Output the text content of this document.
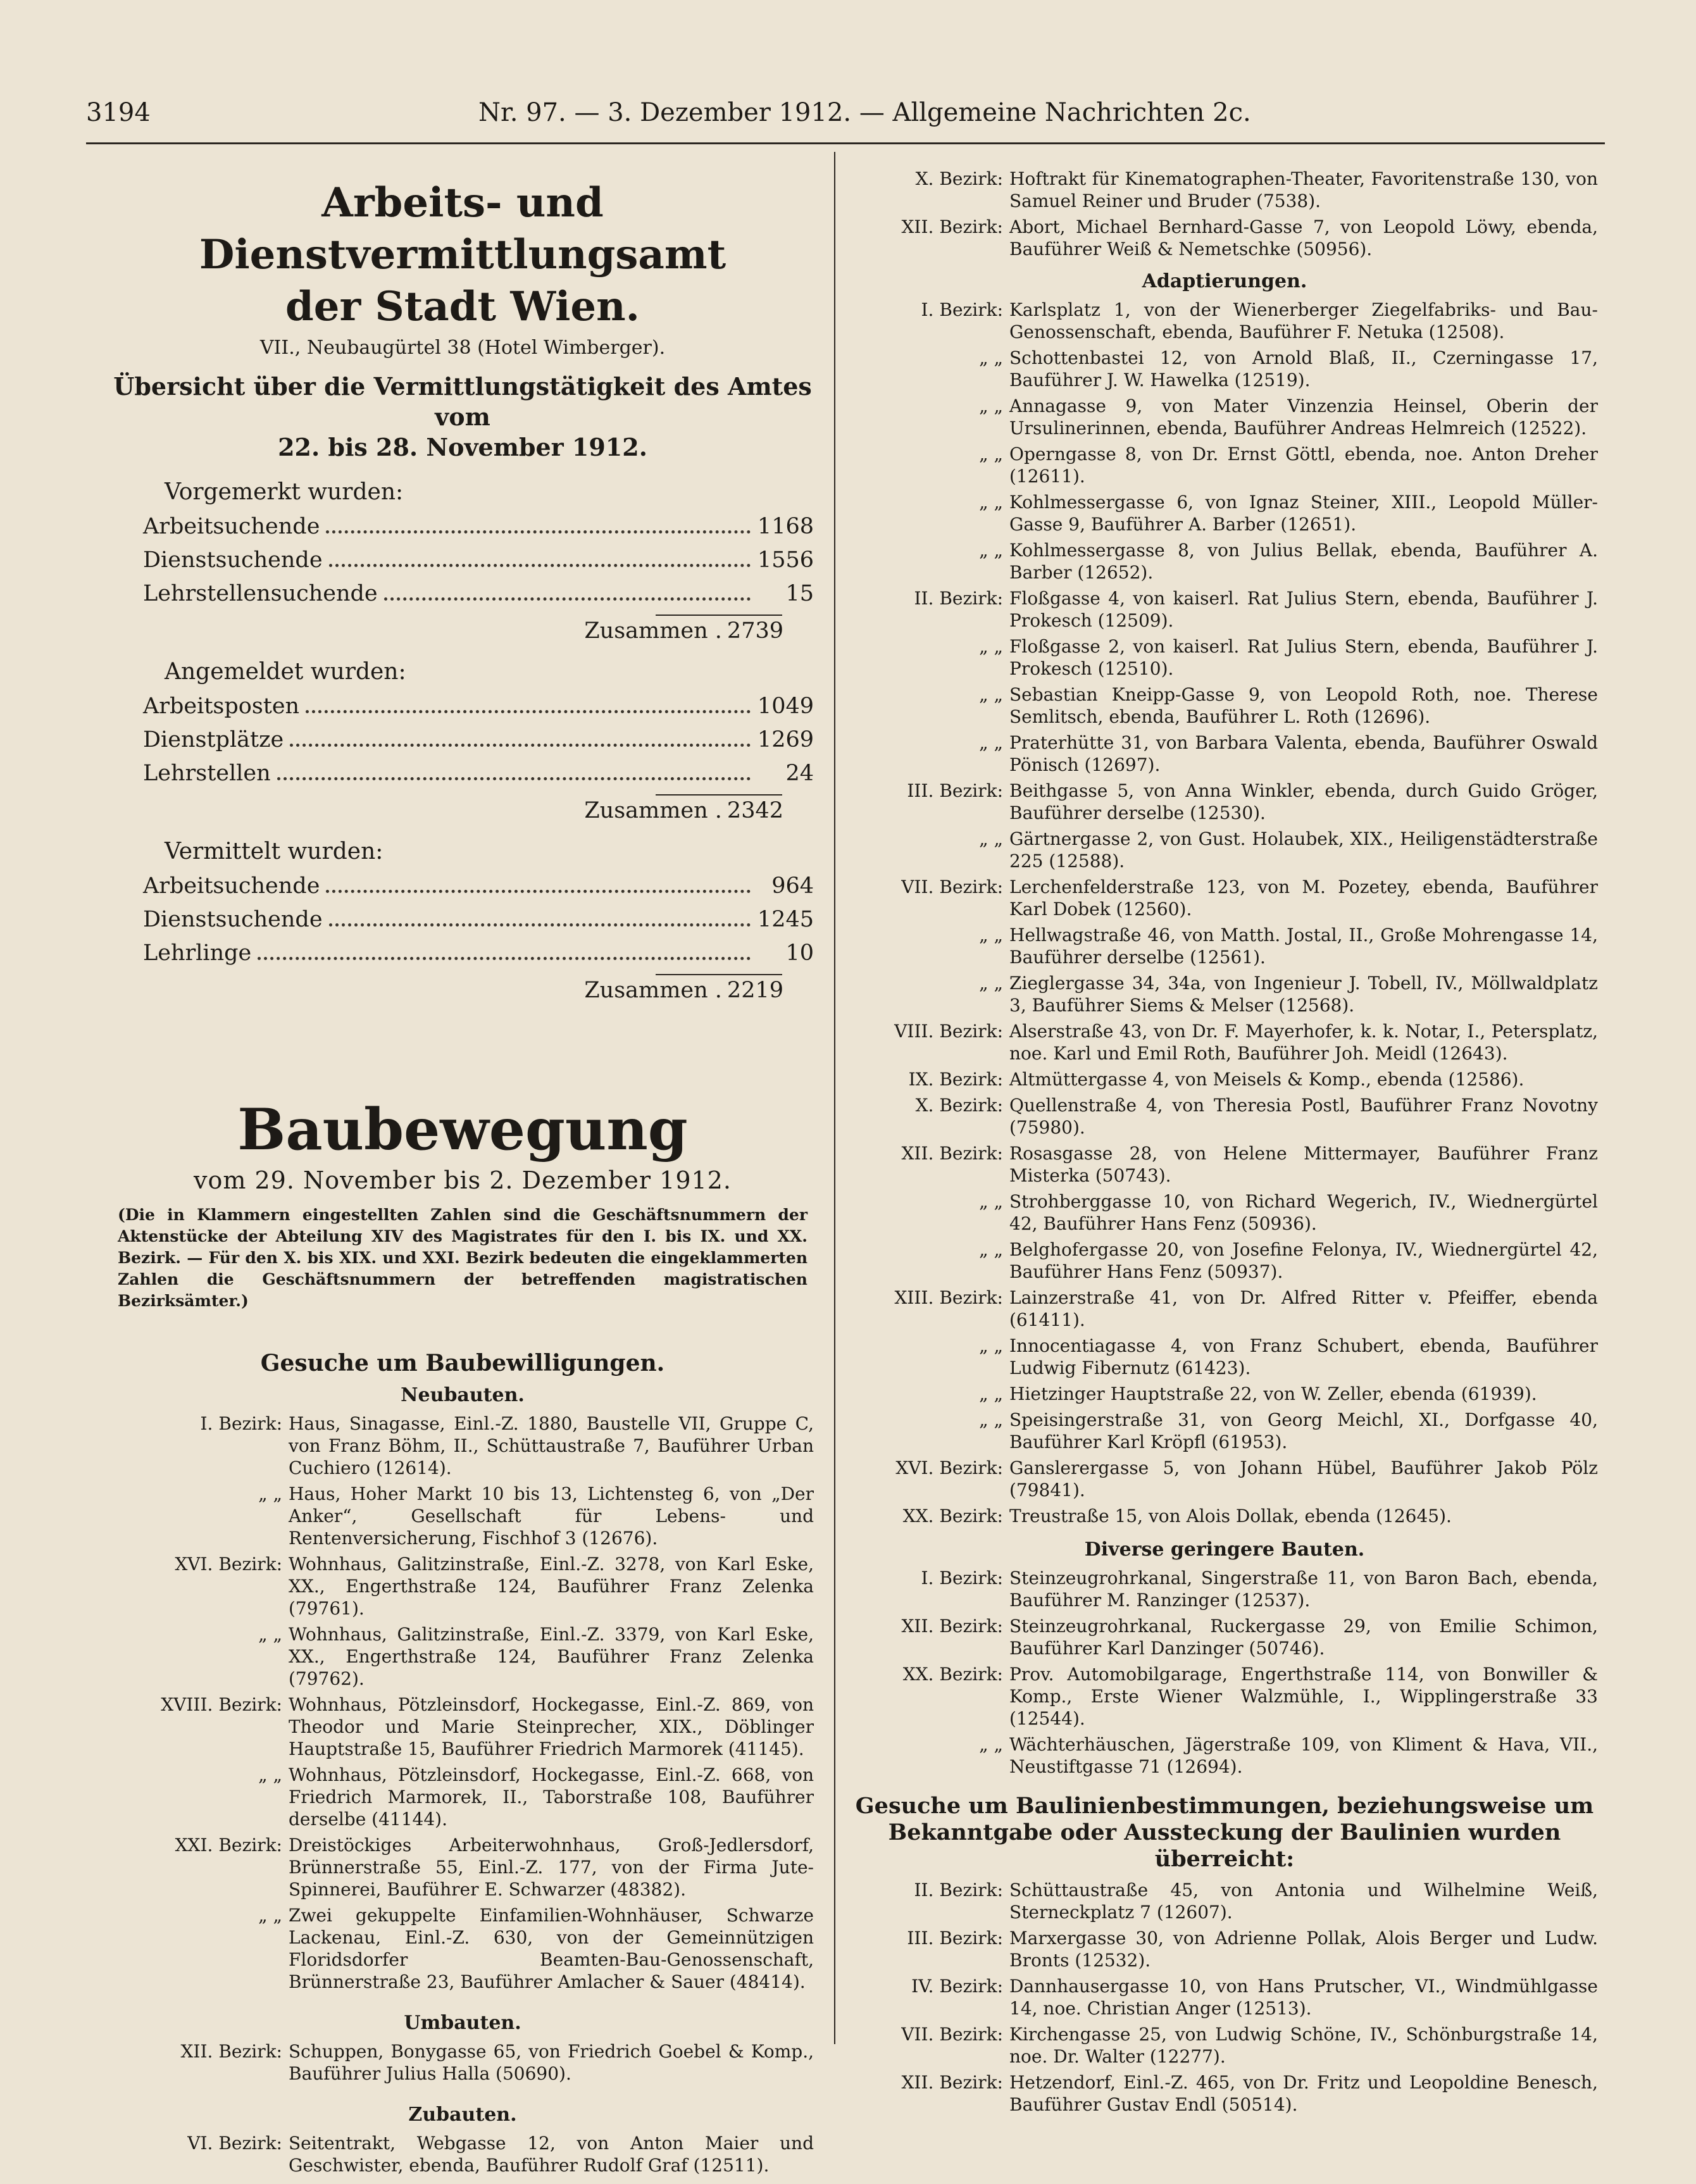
3194	Nr. 97. — 3. Dezember 1912. — Allgemeine Nachrichten 2c.
Arbeits- und Dienstvermittlungsamt
der Stadt Wien.
VII., Neubaugürtel 38 (Hotel Wimberger).
Übersicht über die Vermittlungstätigkeit des Amtes vom
22. bis 28. November 1912.
Vorgemerkt wurden:
Arbeitsuchende	1168
Dienstsuchende	1556
Lehrstellensuchende	15
Zusammen . 2739
Angemeldet wurden:
Arbeitsposten	1049
Dienstplätze	1269
Lehrstellen	24
Zusammen . 2342
Vermittelt wurden:
Arbeitsuchende	964
Dienstsuchende	1245
Lehrlinge	10
Zusammen . 2219
Baubewegung
vom 29. November bis 2. Dezember 1912.
(Die in Klammern eingestellten Zahlen sind die Geschäftsnummern der Aktenstücke der Abteilung XIV des Magistrates für den I. bis IX. und XX. Bezirk. — Für den X. bis XIX. und XXI. Bezirk bedeuten die eingeklammerten Zahlen die Geschäftsnummern der betreffenden magistratischen Bezirksämter.)
Gesuche um Baubewilligungen.
Neubauten.
I. Bezirk: Haus, Sinagasse, Einl.-Z. 1880, Baustelle VII, Gruppe C, von Franz Böhm, II., Schüttaustraße 7, Bauführer Urban Cuchiero (12614).
„ „ Haus, Hoher Markt 10 bis 13, Lichtensteg 6, von „Der Anker“, Gesellschaft für Lebens- und Rentenversicherung, Fischhof 3 (12676).
XVI. Bezirk: Wohnhaus, Galitzinstraße, Einl.-Z. 3278, von Karl Eske, XX., Engerthstraße 124, Bauführer Franz Zelenka (79761).
„ „ Wohnhaus, Galitzinstraße, Einl.-Z. 3379, von Karl Eske, XX., Engerthstraße 124, Bauführer Franz Zelenka (79762).
XVIII. Bezirk: Wohnhaus, Pötzleinsdorf, Hockegasse, Einl.-Z. 869, von Theodor und Marie Steinprecher, XIX., Döblinger Hauptstraße 15, Bauführer Friedrich Marmorek (41145).
„ „ Wohnhaus, Pötzleinsdorf, Hockegasse, Einl.-Z. 668, von Friedrich Marmorek, II., Taborstraße 108, Bauführer derselbe (41144).
XXI. Bezirk: Dreistöckiges Arbeiterwohnhaus, Groß-Jedlersdorf, Brünnerstraße 55, Einl.-Z. 177, von der Firma Jute-Spinnerei, Bauführer E. Schwarzer (48382).
„ „ Zwei gekuppelte Einfamilien-Wohnhäuser, Schwarze Lackenau, Einl.-Z. 630, von der Gemeinnützigen Floridsdorfer Beamten-Bau-Genossenschaft, Brünnerstraße 23, Bauführer Amlacher & Sauer (48414).
Umbauten.
XII. Bezirk: Schuppen, Bonygasse 65, von Friedrich Goebel & Komp., Bauführer Julius Halla (50690).
Zubauten.
VI. Bezirk: Seitentrakt, Webgasse 12, von Anton Maier und Geschwister, ebenda, Bauführer Rudolf Graf (12511).
X. Bezirk: Hoftrakt für Kinematographen-Theater, Favoritenstraße 130, von Samuel Reiner und Bruder (7538).
XII. Bezirk: Abort, Michael Bernhard-Gasse 7, von Leopold Löwy, ebenda, Bauführer Weiß & Nemetschke (50956).
Adaptierungen.
I. Bezirk: Karlsplatz 1, von der Wienerberger Ziegelfabriks- und Bau-Genossenschaft, ebenda, Bauführer F. Netuka (12508).
„ „ Schottenbastei 12, von Arnold Blaß, II., Czerningasse 17, Bauführer J. W. Hawelka (12519).
„ „ Annagasse 9, von Mater Vinzenzia Heinsel, Oberin der Ursulinerinnen, ebenda, Bauführer Andreas Helmreich (12522).
„ „ Operngasse 8, von Dr. Ernst Göttl, ebenda, noe. Anton Dreher (12611).
„ „ Kohlmessergasse 6, von Ignaz Steiner, XIII., Leopold Müller-Gasse 9, Bauführer A. Barber (12651).
„ „ Kohlmessergasse 8, von Julius Bellak, ebenda, Bauführer A. Barber (12652).
II. Bezirk: Floßgasse 4, von kaiserl. Rat Julius Stern, ebenda, Bauführer J. Prokesch (12509).
„ „ Floßgasse 2, von kaiserl. Rat Julius Stern, ebenda, Bauführer J. Prokesch (12510).
„ „ Sebastian Kneipp-Gasse 9, von Leopold Roth, noe. Therese Semlitsch, ebenda, Bauführer L. Roth (12696).
„ „ Praterhütte 31, von Barbara Valenta, ebenda, Bauführer Oswald Pönisch (12697).
III. Bezirk: Beithgasse 5, von Anna Winkler, ebenda, durch Guido Gröger, Bauführer derselbe (12530).
„ „ Gärtnergasse 2, von Gust. Holaubek, XIX., Heiligenstädterstraße 225 (12588).
VII. Bezirk: Lerchenfelderstraße 123, von M. Pozetey, ebenda, Bauführer Karl Dobek (12560).
„ „ Hellwagstraße 46, von Matth. Jostal, II., Große Mohrengasse 14, Bauführer derselbe (12561).
„ „ Zieglergasse 34, 34a, von Ingenieur J. Tobell, IV., Möllwaldplatz 3, Bauführer Siems & Melser (12568).
VIII. Bezirk: Alserstraße 43, von Dr. F. Mayerhofer, k. k. Notar, I., Petersplatz, noe. Karl und Emil Roth, Bauführer Joh. Meidl (12643).
IX. Bezirk: Altmüttergasse 4, von Meisels & Komp., ebenda (12586).
X. Bezirk: Quellenstraße 4, von Theresia Postl, Bauführer Franz Novotny (75980).
XII. Bezirk: Rosasgasse 28, von Helene Mittermayer, Bauführer Franz Misterka (50743).
„ „ Strohberggasse 10, von Richard Wegerich, IV., Wiednergürtel 42, Bauführer Hans Fenz (50936).
„ „ Belghofergasse 20, von Josefine Felonya, IV., Wiednergürtel 42, Bauführer Hans Fenz (50937).
XIII. Bezirk: Lainzerstraße 41, von Dr. Alfred Ritter v. Pfeiffer, ebenda (61411).
„ „ Innocentiagasse 4, von Franz Schubert, ebenda, Bauführer Ludwig Fibernutz (61423).
„ „ Hietzinger Hauptstraße 22, von W. Zeller, ebenda (61939).
„ „ Speisingerstraße 31, von Georg Meichl, XI., Dorfgasse 40, Bauführer Karl Kröpfl (61953).
XVI. Bezirk: Ganslerergasse 5, von Johann Hübel, Bauführer Jakob Pölz (79841).
XX. Bezirk: Treustraße 15, von Alois Dollak, ebenda (12645).
Diverse geringere Bauten.
I. Bezirk: Steinzeugrohrkanal, Singerstraße 11, von Baron Bach, ebenda, Bauführer M. Ranzinger (12537).
XII. Bezirk: Steinzeugrohrkanal, Ruckergasse 29, von Emilie Schimon, Bauführer Karl Danzinger (50746).
XX. Bezirk: Prov. Automobilgarage, Engerthstraße 114, von Bonwiller & Komp., Erste Wiener Walzmühle, I., Wipplingerstraße 33 (12544).
„ „ Wächterhäuschen, Jägerstraße 109, von Kliment & Hava, VII., Neustiftgasse 71 (12694).
Gesuche um Baulinienbestimmungen, beziehungsweise um Bekanntgabe oder Aussteckung der Baulinien wurden überreicht:
II. Bezirk: Schüttaustraße 45, von Antonia und Wilhelmine Weiß, Sterneckplatz 7 (12607).
III. Bezirk: Marxergasse 30, von Adrienne Pollak, Alois Berger und Ludw. Bronts (12532).
IV. Bezirk: Dannhausergasse 10, von Hans Prutscher, VI., Windmühlgasse 14, noe. Christian Anger (12513).
VII. Bezirk: Kirchengasse 25, von Ludwig Schöne, IV., Schönburgstraße 14, noe. Dr. Walter (12277).
XII. Bezirk: Hetzendorf, Einl.-Z. 465, von Dr. Fritz und Leopoldine Benesch, Bauführer Gustav Endl (50514).
